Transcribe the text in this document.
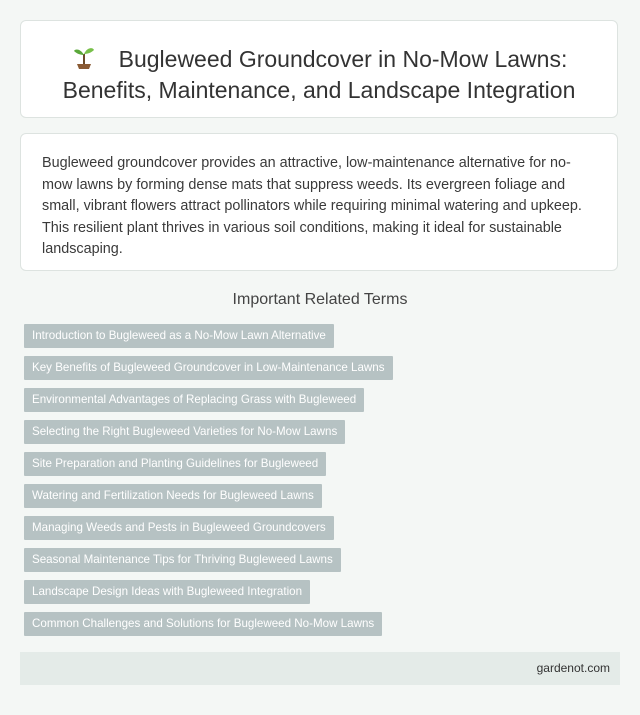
Bugleweed Groundcover in No-Mow Lawns:
Benefits, Maintenance, and Landscape Integration
Bugleweed groundcover provides an attractive, low-maintenance alternative for no-mow lawns by forming dense mats that suppress weeds. Its evergreen foliage and small, vibrant flowers attract pollinators while requiring minimal watering and upkeep. This resilient plant thrives in various soil conditions, making it ideal for sustainable landscaping.
Important Related Terms
Introduction to Bugleweed as a No-Mow Lawn Alternative
Key Benefits of Bugleweed Groundcover in Low-Maintenance Lawns
Environmental Advantages of Replacing Grass with Bugleweed
Selecting the Right Bugleweed Varieties for No-Mow Lawns
Site Preparation and Planting Guidelines for Bugleweed
Watering and Fertilization Needs for Bugleweed Lawns
Managing Weeds and Pests in Bugleweed Groundcovers
Seasonal Maintenance Tips for Thriving Bugleweed Lawns
Landscape Design Ideas with Bugleweed Integration
Common Challenges and Solutions for Bugleweed No-Mow Lawns
gardenot.com
